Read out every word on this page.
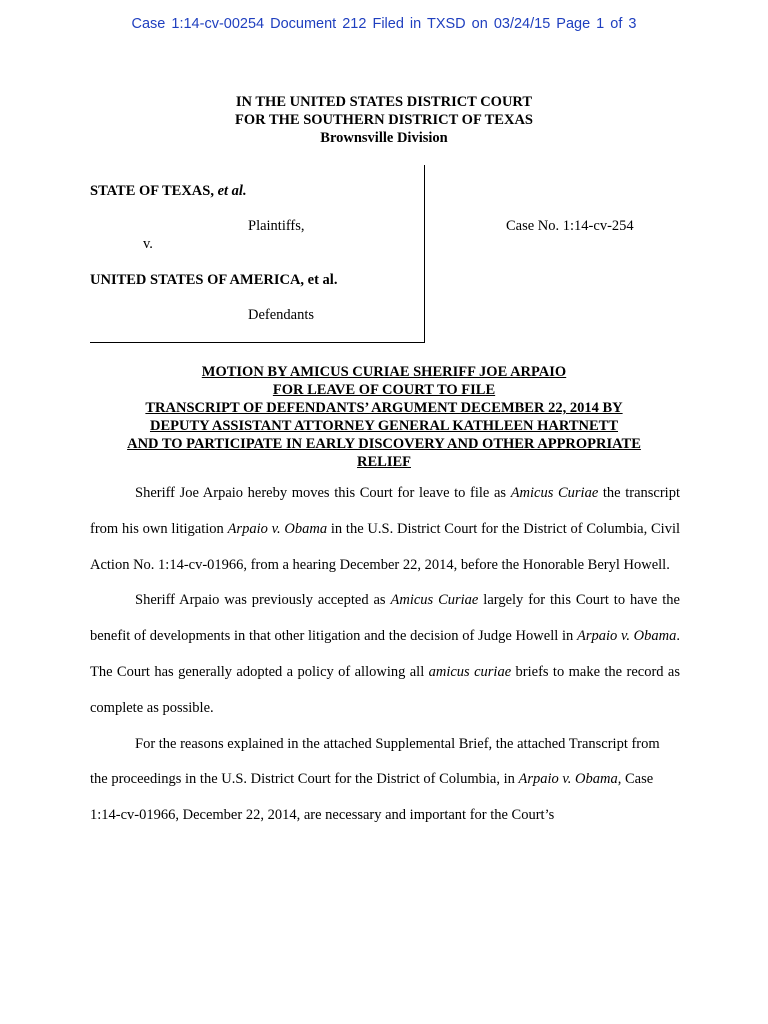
Case 1:14-cv-00254 Document 212 Filed in TXSD on 03/24/15 Page 1 of 3
IN THE UNITED STATES DISTRICT COURT
FOR THE SOUTHERN DISTRICT OF TEXAS
Brownsville Division
STATE OF TEXAS, et al.
Plaintiffs,
v.
UNITED STATES OF AMERICA, et al.
Defendants
Case No. 1:14-cv-254
MOTION BY AMICUS CURIAE SHERIFF JOE ARPAIO
FOR LEAVE OF COURT TO FILE
TRANSCRIPT OF DEFENDANTS’ ARGUMENT DECEMBER 22, 2014 BY
DEPUTY ASSISTANT ATTORNEY GENERAL KATHLEEN HARTNETT
AND TO PARTICIPATE IN EARLY DISCOVERY AND OTHER APPROPRIATE
RELIEF

Sheriff Joe Arpaio hereby moves this Court for leave to file as Amicus Curiae the transcript from his own litigation Arpaio v. Obama in the U.S. District Court for the District of Columbia, Civil Action No. 1:14-cv-01966, from a hearing December 22, 2014, before the Honorable Beryl Howell.

Sheriff Arpaio was previously accepted as Amicus Curiae largely for this Court to have the benefit of developments in that other litigation and the decision of Judge Howell in Arpaio v. Obama. The Court has generally adopted a policy of allowing all amicus curiae briefs to make the record as complete as possible.

For the reasons explained in the attached Supplemental Brief, the attached Transcript from the proceedings in the U.S. District Court for the District of Columbia, in Arpaio v. Obama, Case 1:14-cv-01966, December 22, 2014, are necessary and important for the Court’s
